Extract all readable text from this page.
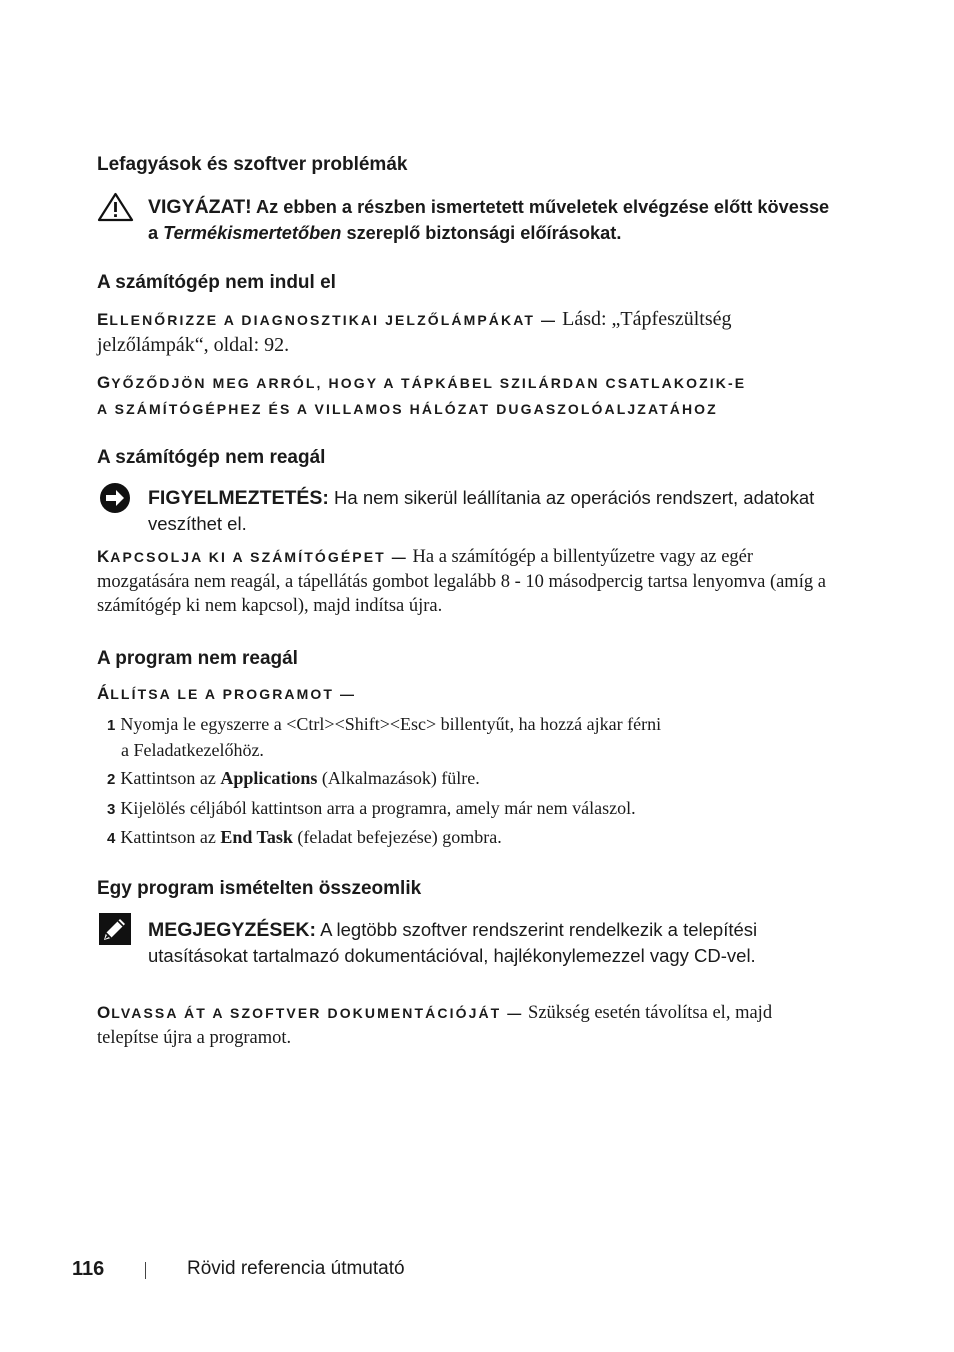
Lefagyások és szoftver problémák
VIGYÁZAT! Az ebben a részben ismertetett műveletek elvégzése előtt kövesse a Termékismertetőben szereplő biztonsági előírásokat.
A számítógép nem indul el
ELLENŐRIZZE A DIAGNOSZTIKAI JELZŐLÁMPÁKAT — Lásd: „Tápfeszültség jelzőlámpák“, oldal: 92.
GYŐZŐDJÖN MEG ARRÓL, HOGY A TÁPKÁBEL SZILÁRDAN CSATLAKOZIK-E
A SZÁMÍTÓGÉPHEZ ÉS A VILLAMOS HÁLÓZAT DUGASZOLÓALJZATÁHOZ
A számítógép nem reagál
FIGYELMEZTETÉS: Ha nem sikerül leállítania az operációs rendszert, adatokat veszíthet el.
KAPCSOLJA KI A SZÁMÍTÓGÉPET — Ha a számítógép a billentyűzetre vagy az egér mozgatására nem reagál, a tápellátás gombot legalább 8 - 10 másodpercig tartsa lenyomva (amíg a számítógép ki nem kapcsol), majd indítsa újra.
A program nem reagál
ÁLLÍTSA LE A PROGRAMOT —
1 Nyomja le egyszerre a <Ctrl><Shift><Esc> billentyűt, ha hozzá ajkar férni
a Feladatkezelőhöz.
2 Kattintson az Applications (Alkalmazások) fülre.
3 Kijelölés céljából kattintson arra a programra, amely már nem válaszol.
4 Kattintson az End Task (feladat befejezése) gombra.
Egy program ismételten összeomlik
MEGJEGYZÉSEK: A legtöbb szoftver rendszerint rendelkezik a telepítési utasításokat tartalmazó dokumentációval, hajlékonylemezzel vagy CD-vel.
OLVASSA ÁT A SZOFTVER DOKUMENTÁCIÓJÁT — Szükség esetén távolítsa el, majd telepítse újra a programot.
116	Rövid referencia útmutató
